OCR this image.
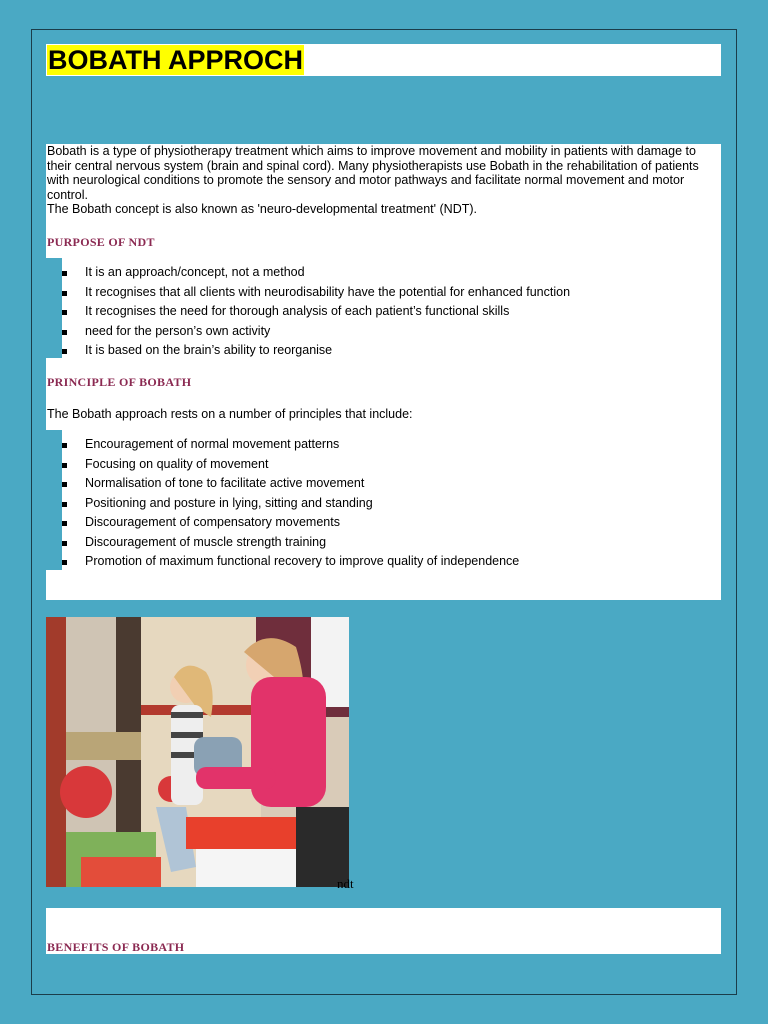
BOBATH APPROCH

Bobath is a type of physiotherapy treatment which aims to improve movement and mobility in patients with damage to their central nervous system (brain and spinal cord). Many physiotherapists use Bobath in the rehabilitation of patients with neurological conditions to promote the sensory and motor pathways and facilitate normal movement and motor control.

The Bobath concept is also known as 'neuro-developmental treatment' (NDT).

PURPOSE OF NDT
It is an approach/concept, not a method
It recognises that all clients with neurodisability have the potential for enhanced function
It recognises the need for thorough analysis of each patient’s functional skills
need for the person’s own activity
It is based on the brain’s ability to reorganise
PRINCIPLE OF BOBATH
The Bobath approach rests on a number of principles that include:
Encouragement of normal movement patterns
Focusing on quality of movement
Normalisation of tone to facilitate active movement
Positioning and posture in lying, sitting and standing
Discouragement of compensatory movements
Discouragement of muscle strength training
Promotion of maximum functional recovery to improve quality of independence
ndt
BENEFITS OF BOBATH
